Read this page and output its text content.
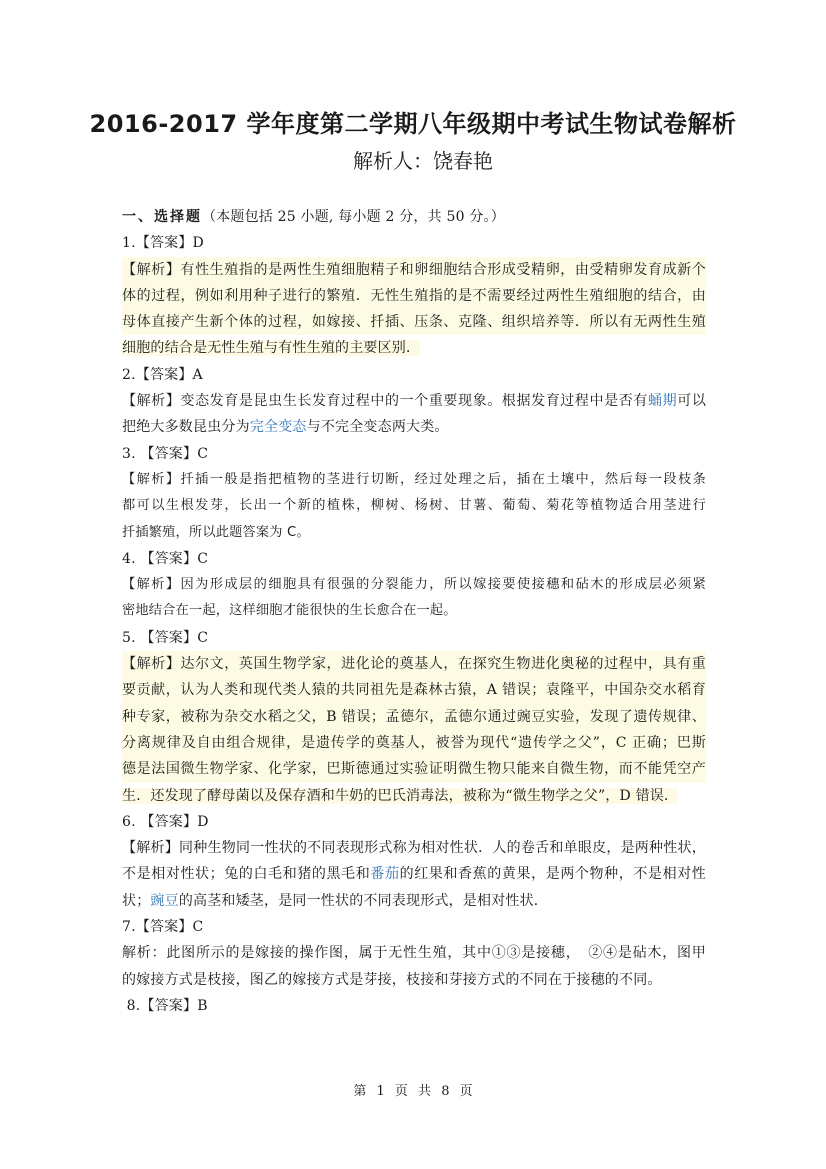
2016-2017 学年度第二学期八年级期中考试生物试卷解析
解析人：饶春艳
一、选择题（本题包括 25 小题, 每小题 2 分，共 50 分。）
1.【答案】D
【解析】有性生殖指的是两性生殖细胞精子和卵细胞结合形成受精卵，由受精卵发育成新个
体的过程，例如利用种子进行的繁殖．无性生殖指的是不需要经过两性生殖细胞的结合，由
母体直接产生新个体的过程，如嫁接、扦插、压条、克隆、组织培养等．所以有无两性生殖
细胞的结合是无性生殖与有性生殖的主要区别．
2.【答案】A
【解析】变态发育是昆虫生长发育过程中的一个重要现象。根据发育过程中是否有蛹期可以
把绝大多数昆虫分为完全变态与不完全变态两大类。
3. 【答案】C
【解析】扦插一般是指把植物的茎进行切断，经过处理之后，插在土壤中，然后每一段枝条
都可以生根发芽，长出一个新的植株，柳树、杨树、甘薯、葡萄、菊花等植物适合用茎进行
扦插繁殖，所以此题答案为 C。
4. 【答案】C
【解析】因为形成层的细胞具有很强的分裂能力，所以嫁接要使接穗和砧木的形成层必须紧
密地结合在一起，这样细胞才能很快的生长愈合在一起。
5. 【答案】C
【解析】达尔文，英国生物学家，进化论的奠基人，在探究生物进化奥秘的过程中，具有重
要贡献，认为人类和现代类人猿的共同祖先是森林古猿，A 错误；袁隆平，中国杂交水稻育
种专家，被称为杂交水稻之父，B 错误；孟德尔，孟德尔通过豌豆实验，发现了遗传规律、
分离规律及自由组合规律，是遗传学的奠基人，被誉为现代“遗传学之父”，C 正确；巴斯
德是法国微生物学家、化学家，巴斯德通过实验证明微生物只能来自微生物，而不能凭空产
生．还发现了酵母菌以及保存酒和牛奶的巴氏消毒法，被称为“微生物学之父”，D 错误．
6. 【答案】D
【解析】同种生物同一性状的不同表现形式称为相对性状．人的卷舌和单眼皮，是两种性状，
不是相对性状；兔的白毛和猪的黑毛和番茄的红果和香蕉的黄果，是两个物种，不是相对性
状；豌豆的高茎和矮茎，是同一性状的不同表现形式，是相对性状．
7.【答案】C
解析：此图所示的是嫁接的操作图，属于无性生殖，其中①③是接穗，　②④是砧木，图甲
的嫁接方式是枝接，图乙的嫁接方式是芽接，枝接和芽接方式的不同在于接穗的不同。
8.【答案】B
第 1 页 共 8 页
